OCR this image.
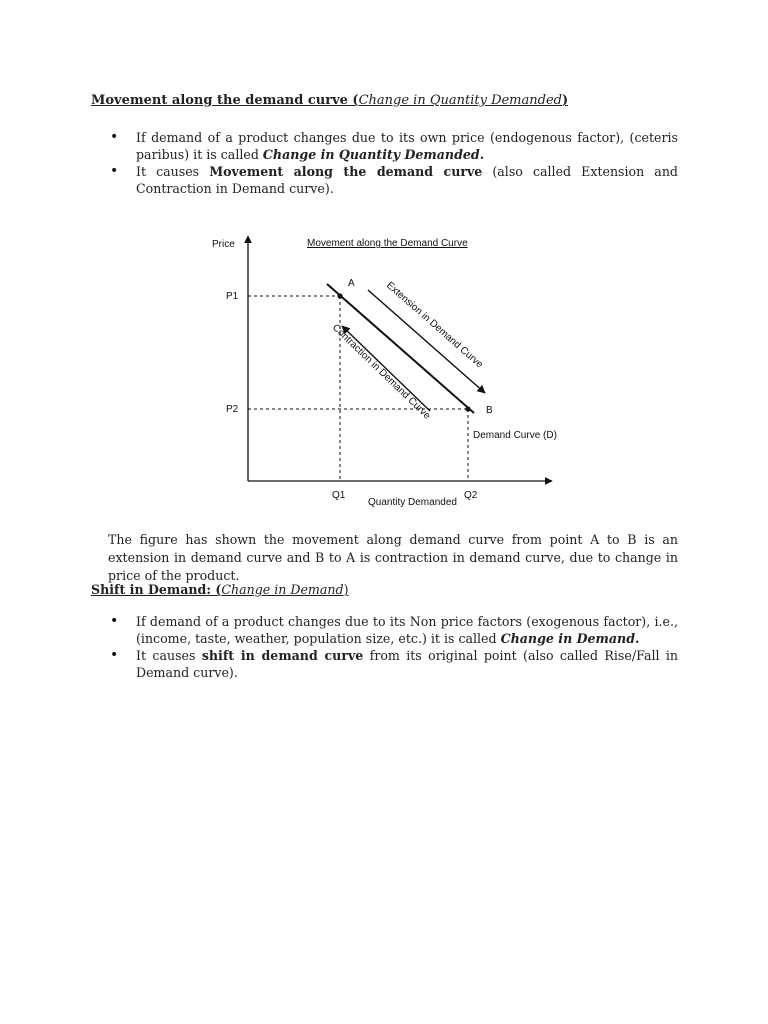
Movement along the demand curve (Change in Quantity Demanded)
• If demand of a product changes due to its own price (endogenous factor), (ceteris paribus) it is called Change in Quantity Demanded.
• It causes Movement along the demand curve (also called Extension and Contraction in Demand curve).
Movement along the Demand Curve
Price
P1
P2
Q1	Q2
Quantity Demanded
A
B
Demand Curve (D)
Extension in Demand Curve
Contraction in Demand Curve
The figure has shown the movement along demand curve from point A to B is an extension in demand curve and B to A is contraction in demand curve, due to change in price of the product.
Shift in Demand: (Change in Demand)
• If demand of a product changes due to its Non price factors (exogenous factor), i.e., (income, taste, weather, population size, etc.) it is called Change in Demand.
• It causes shift in demand curve from its original point (also called Rise/Fall in Demand curve).
